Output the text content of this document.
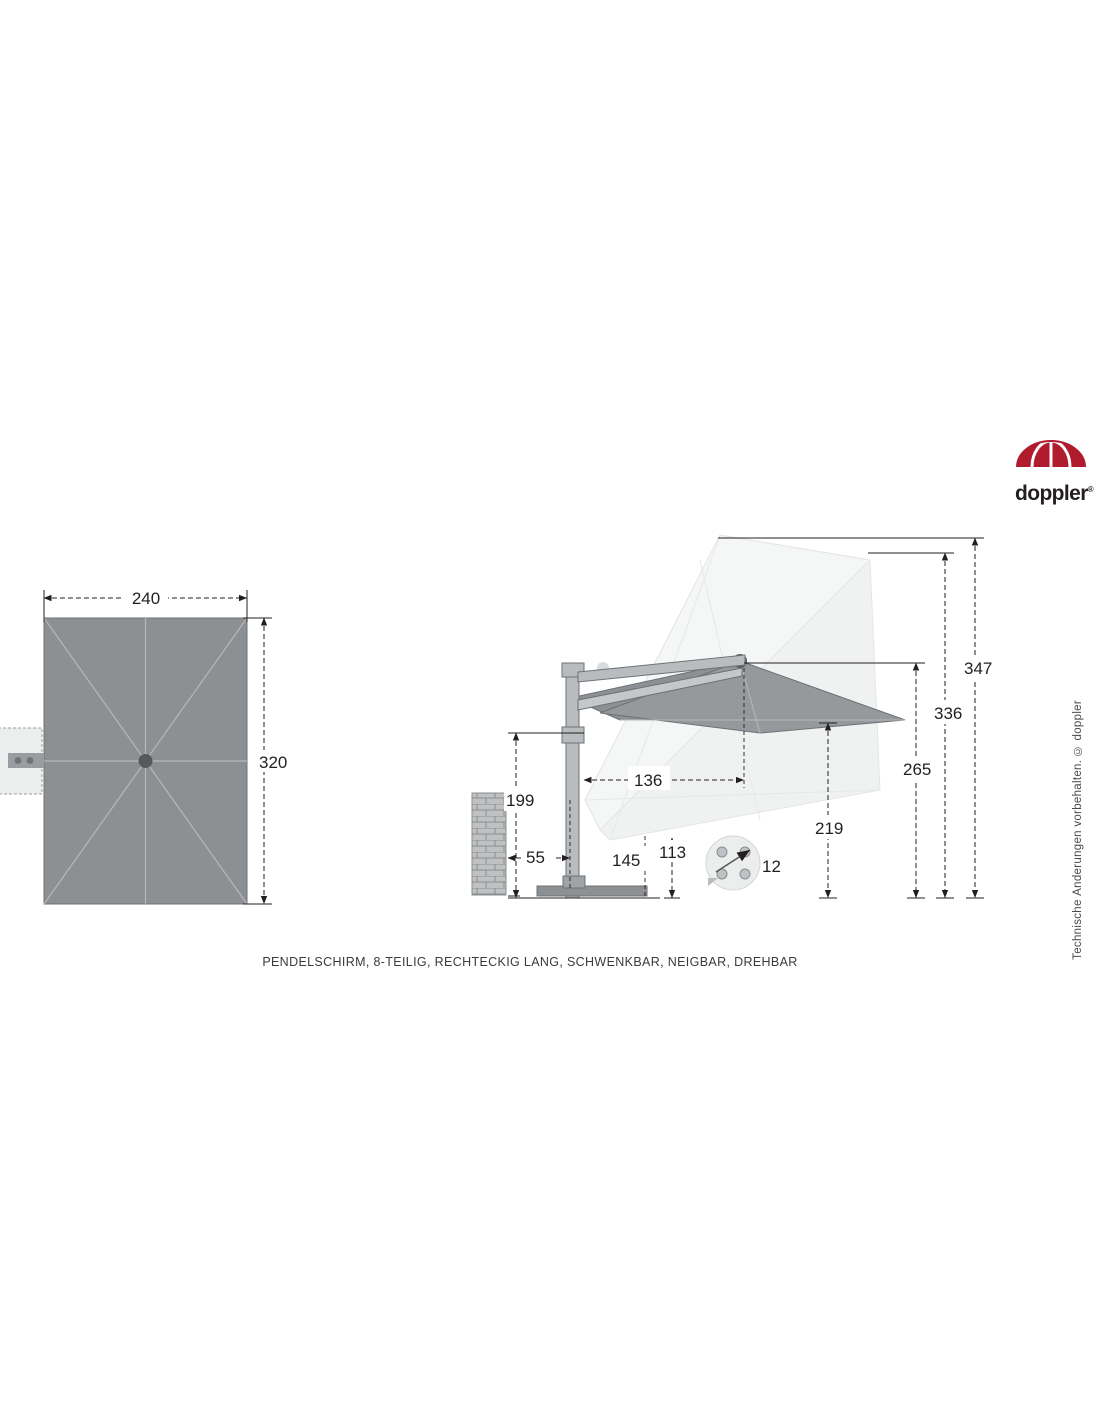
240
320
12
347
336
265
219
199
136
55	145 113
doppler®
PENDELSCHIRM, 8-TEILIG, RECHTECKIG LANG, SCHWENKBAR, NEIGBAR, DREHBAR
Technische Änderungen vorbehalten. © doppler
